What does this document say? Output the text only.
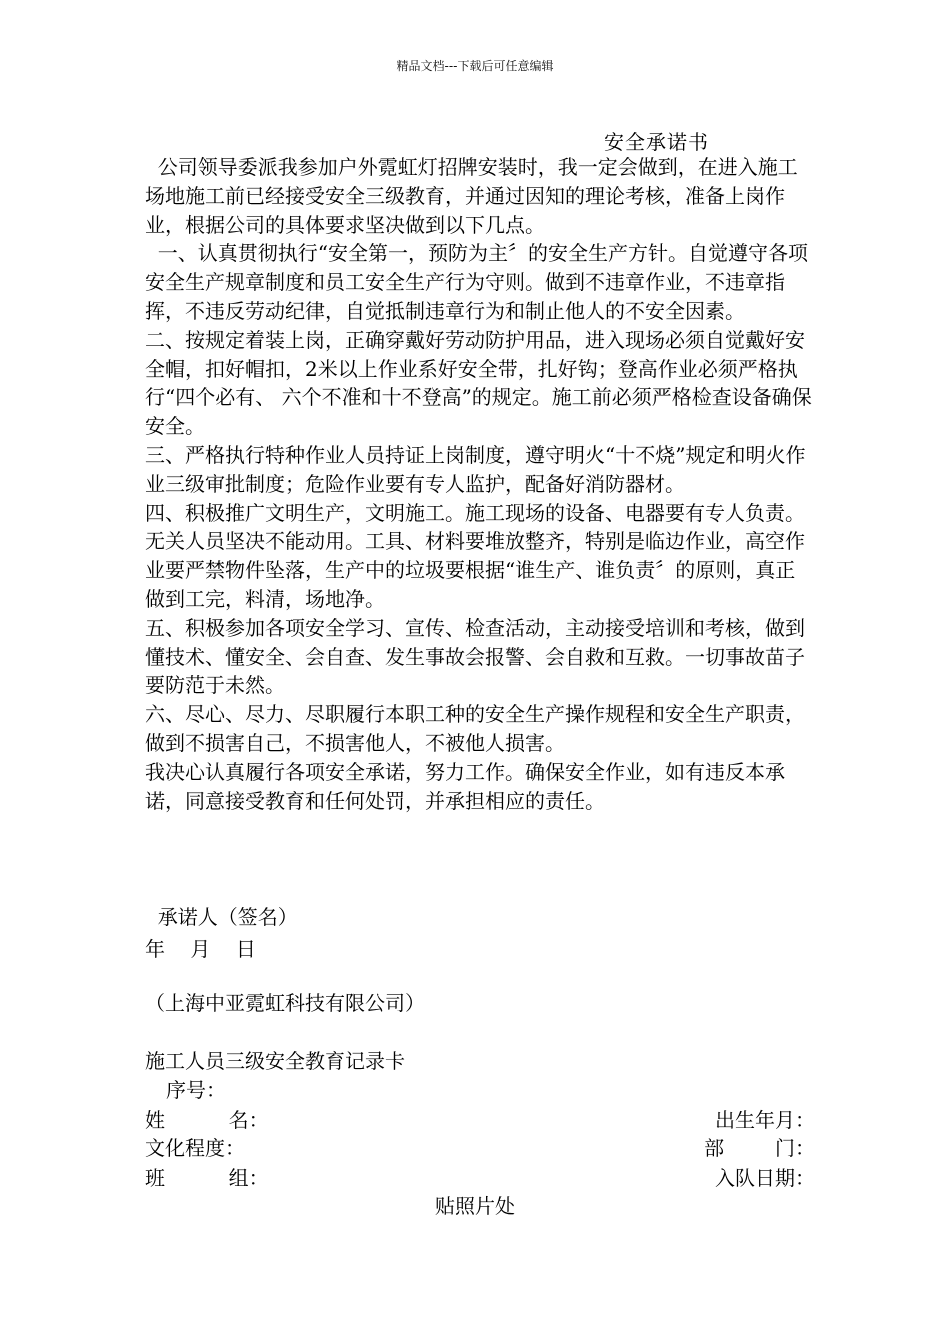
精品文档---下载后可任意编辑
安全承诺书

公司领导委派我参加户外霓虹灯招牌安装时，我一定会做到，在进入施工场地施工前已经接受安全三级教育，并通过因知的理论考核，准备上岗作业，根据公司的具体要求坚决做到以下几点。

一、认真贯彻执行“安全第一，预防为主〞的安全生产方针。自觉遵守各项安全生产规章制度和员工安全生产行为守则。做到不违章作业，不违章指挥，不违反劳动纪律，自觉抵制违章行为和制止他人的不安全因素。

二、按规定着装上岗，正确穿戴好劳动防护用品，进入现场必须自觉戴好安全帽，扣好帽扣，2米以上作业系好安全带，扎好钩；登高作业必须严格执行“四个必有、 六个不准和十不登高”的规定。施工前必须严格检查设备确保安全。

三、严格执行特种作业人员持证上岗制度，遵守明火“十不烧”规定和明火作业三级审批制度；危险作业要有专人监护，配备好消防器材。

四、积极推广文明生产，文明施工。施工现场的设备、电器要有专人负责。无关人员坚决不能动用。工具、材料要堆放整齐，特别是临边作业，高空作业要严禁物件坠落，生产中的垃圾要根据“谁生产、谁负责〞的原则，真正做到工完，料清，场地净。

五、积极参加各项安全学习、宣传、检查活动，主动接受培训和考核，做到懂技术、懂安全、会自查、发生事故会报警、会自救和互救。一切事故苗子要防范于未然。

六、尽心、尽力、尽职履行本职工种的安全生产操作规程和安全生产职责，做到不损害自己，不损害他人，不被他人损害。

我决心认真履行各项安全承诺，努力工作。确保安全作业，如有违反本承诺，同意接受教育和任何处罚，并承担相应的责任。

承诺人（签名）

年    月    日

（上海中亚霓虹科技有限公司）
施工人员三级安全教育记录卡
序号：
姓          名：	出生年月：
文化程度：	部        门：
班          组：	入队日期：
贴照片处
